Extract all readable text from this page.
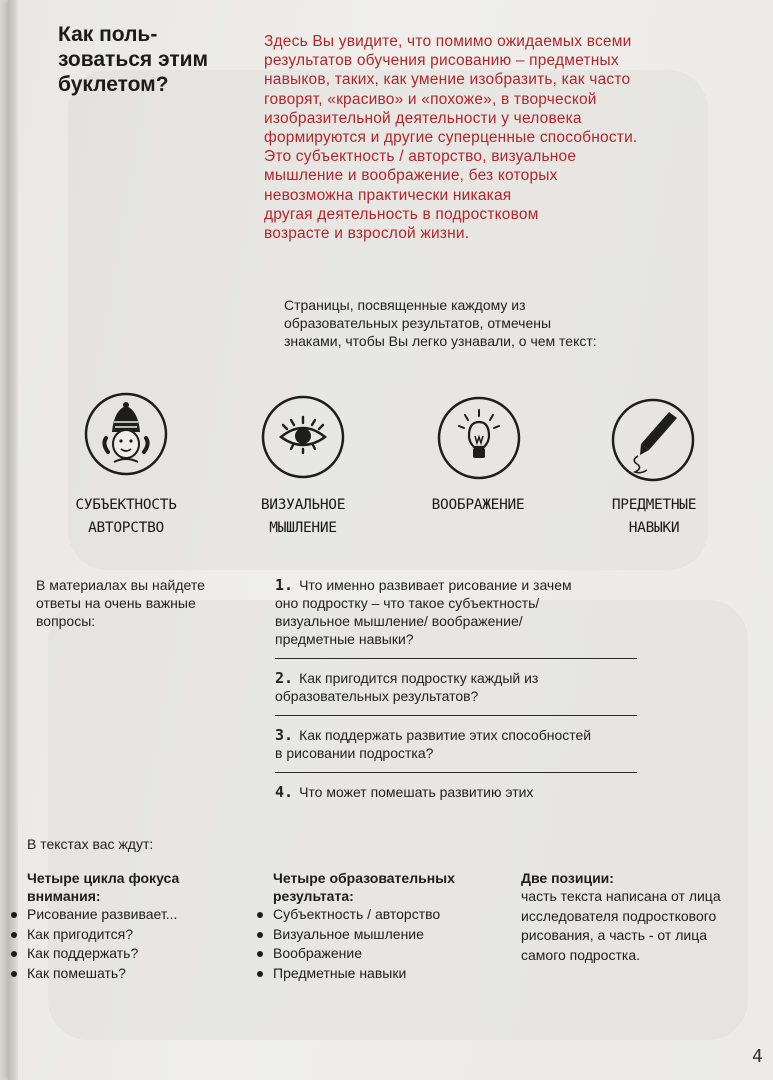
Как поль-
зоваться этим
буклетом?
Здесь Вы увидите, что помимо ожидаемых всеми
результатов обучения рисованию – предметных
навыков, таких, как умение изобразить, как часто
говорят, «красиво» и «похоже», в творческой
изобразительной деятельности у человека
формируются и другие суперценные способности.
Это субъектность / авторство, визуальное
мышление и воображение, без которых
невозможна практически никакая
другая деятельность в подростковом
возрасте и взрослой жизни.
Страницы, посвященные каждому из
образовательных результатов, отмечены
знаками, чтобы Вы легко узнавали, о чем текст:
СУБЪЕКТНОСТЬ
АВТОРСТВО
ВИЗУАЛЬНОЕ
МЫШЛЕНИЕ
ВООБРАЖЕНИЕ	ПРЕДМЕТНЫЕ
НАВЫКИ
В материалах вы найдете
ответы на очень важные
вопросы:
1. Что именно развивает рисование и зачем
оно подростку – что такое субъектность/
визуальное мышление/ воображение/
предметные навыки?
2. Как пригодится подростку каждый из
образовательных результатов?
3. Как поддержать развитие этих способностей
в рисовании подростка?
4. Что может помешать развитию этих
В текстах вас ждут:
Четыре цикла фокуса
внимания:
Рисование развивает...
Как пригодится?
Как поддержать?
Как помешать?
Четыре образовательных
результата:
Субъектность / авторство
Визуальное мышление
Воображение
Предметные навыки
Две позиции:
часть текста написана от лица
исследователя подросткового
рисования, а часть - от лица
самого подростка.
4
